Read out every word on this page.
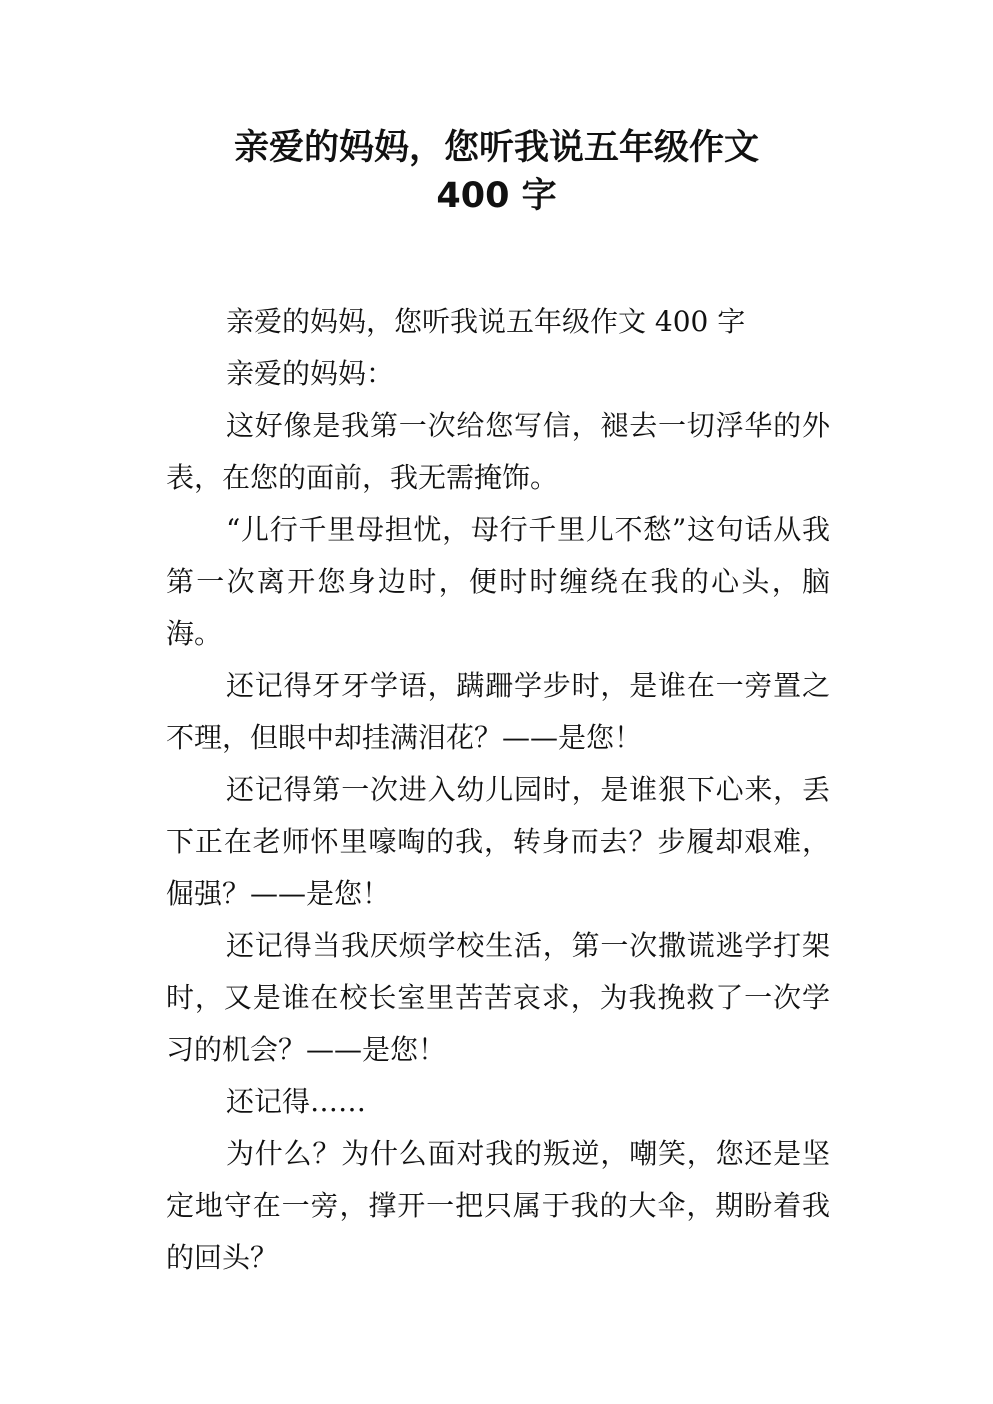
亲爱的妈妈，您听我说五年级作文
400 字

亲爱的妈妈，您听我说五年级作文 400 字

亲爱的妈妈：

这好像是我第一次给您写信，褪去一切浮华的外表，在您的面前，我无需掩饰。

“儿行千里母担忧，母行千里儿不愁”这句话从我第一次离开您身边时，便时时缠绕在我的心头，脑海。

还记得牙牙学语，蹒跚学步时，是谁在一旁置之不理，但眼中却挂满泪花？——是您！

还记得第一次进入幼儿园时，是谁狠下心来，丢下正在老师怀里嚎啕的我，转身而去？步履却艰难，倔强？——是您！

还记得当我厌烦学校生活，第一次撒谎逃学打架时，又是谁在校长室里苦苦哀求，为我挽救了一次学习的机会？——是您！

还记得……

为什么？为什么面对我的叛逆，嘲笑，您还是坚定地守在一旁，撑开一把只属于我的大伞，期盼着我的回头？
